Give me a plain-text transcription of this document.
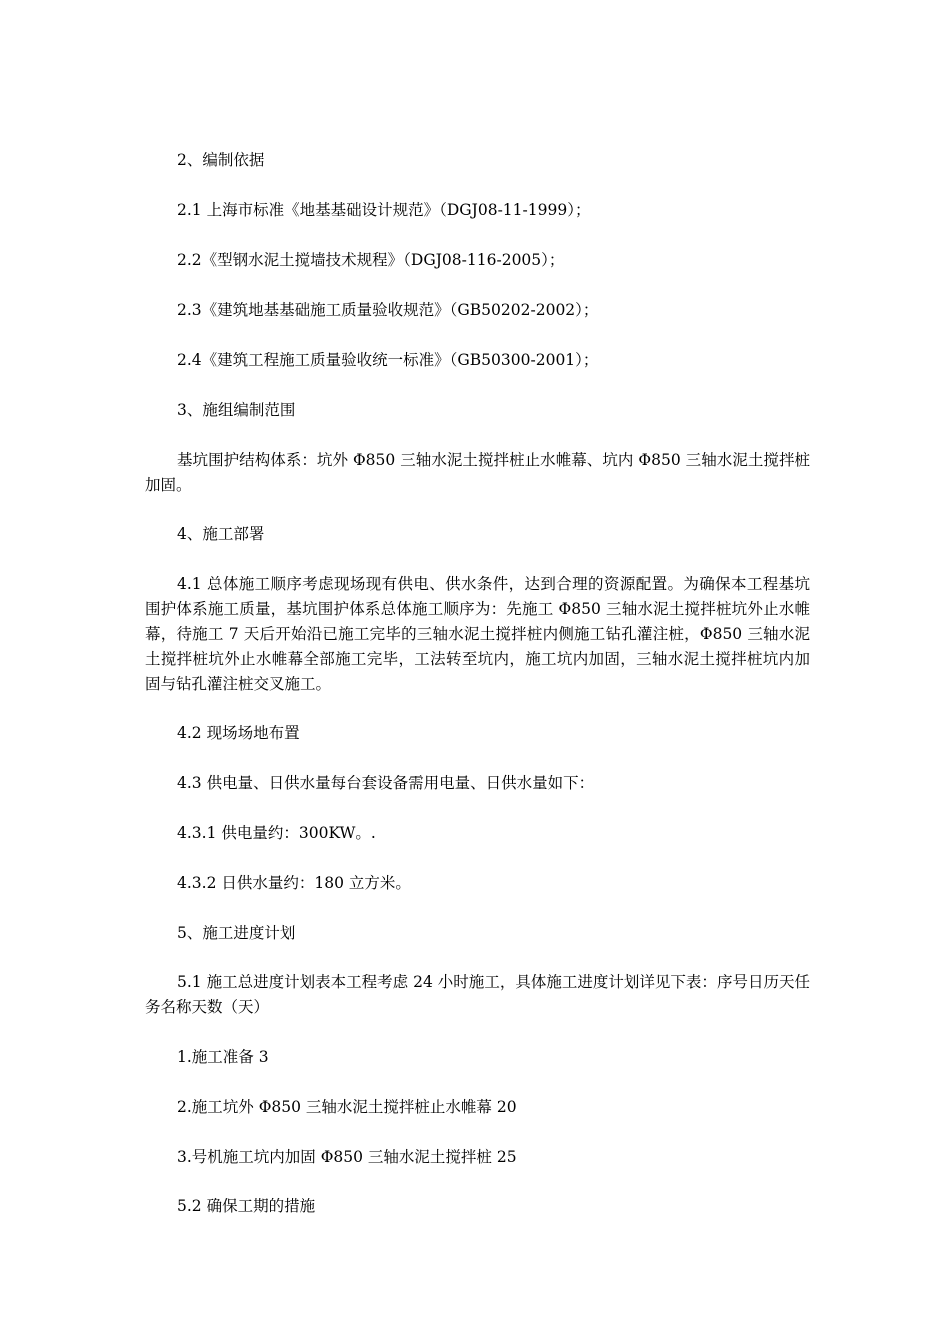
2、编制依据

2.1 上海市标准《地基基础设计规范》（DGJ08-11-1999）；

2.2《型钢水泥土搅墙技术规程》（DGJ08-116-2005）；

2.3《建筑地基基础施工质量验收规范》（GB50202-2002）；

2.4《建筑工程施工质量验收统一标准》（GB50300-2001）；

3、施组编制范围

基坑围护结构体系：坑外 Φ850 三轴水泥土搅拌桩止水帷幕、坑内 Φ850 三轴水泥土搅拌桩加固。

4、施工部署

4.1 总体施工顺序考虑现场现有供电、供水条件，达到合理的资源配置。为确保本工程基坑围护体系施工质量，基坑围护体系总体施工顺序为：先施工 Φ850 三轴水泥土搅拌桩坑外止水帷幕，待施工 7 天后开始沿已施工完毕的三轴水泥土搅拌桩内侧施工钻孔灌注桩，Φ850 三轴水泥土搅拌桩坑外止水帷幕全部施工完毕，工法转至坑内，施工坑内加固，三轴水泥土搅拌桩坑内加固与钻孔灌注桩交叉施工。

4.2 现场场地布置

4.3 供电量、日供水量每台套设备需用电量、日供水量如下：

4.3.1 供电量约：300KW。.

4.3.2 日供水量约：180 立方米。

5、施工进度计划

5.1 施工总进度计划表本工程考虑 24 小时施工，具体施工进度计划详见下表：序号日历天任务名称天数（天）

1.施工准备 3

2.施工坑外 Φ850 三轴水泥土搅拌桩止水帷幕 20

3.号机施工坑内加固 Φ850 三轴水泥土搅拌桩 25

5.2 确保工期的措施
